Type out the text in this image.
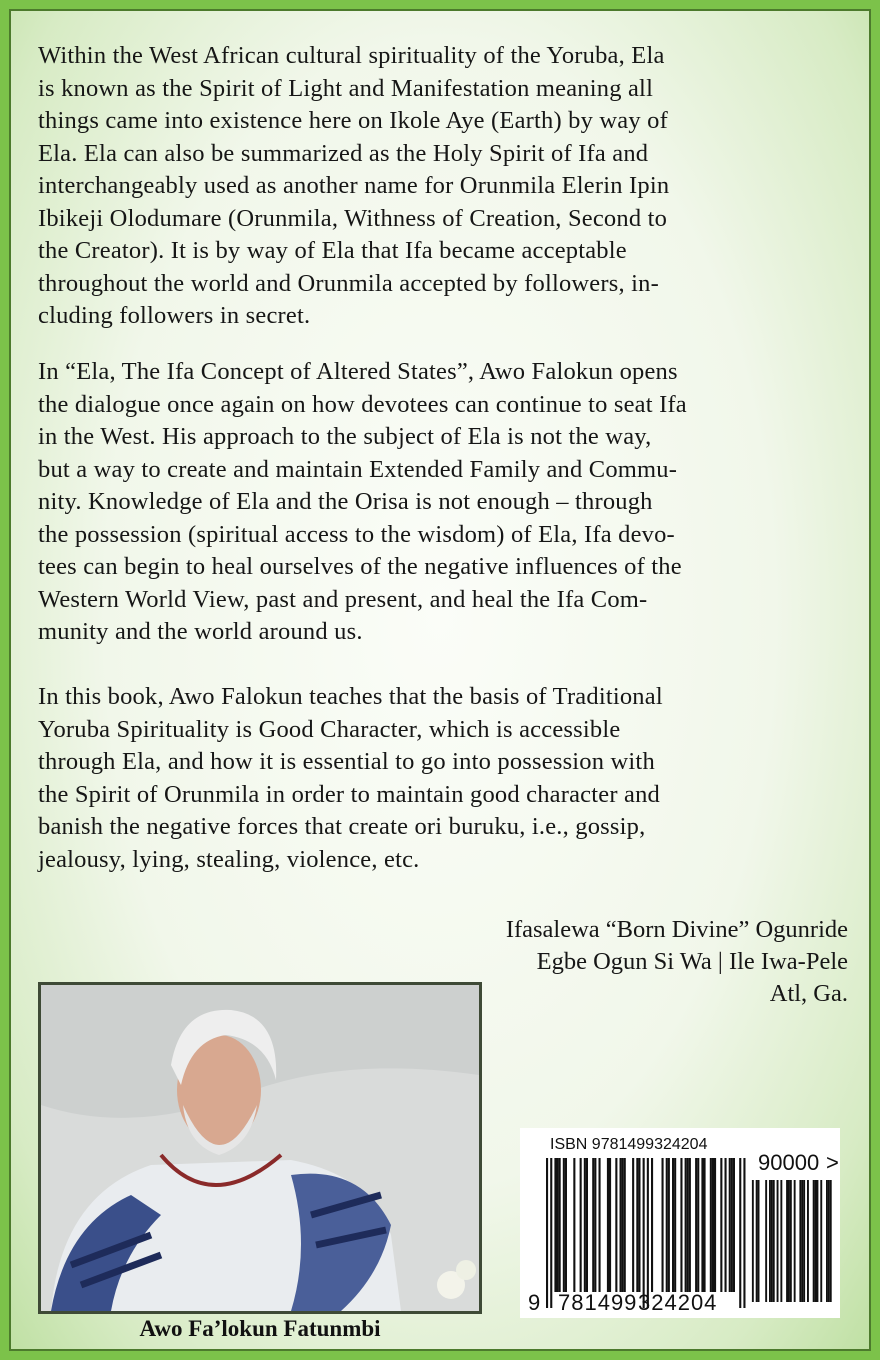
Within the West African cultural spirituality of the Yoruba, Ela
is known as the Spirit of Light and Manifestation meaning all
things came into existence here on Ikole Aye (Earth) by way of
Ela. Ela can also be summarized as the Holy Spirit of Ifa and
interchangeably used as another name for Orunmila Elerin Ipin
Ibikeji Olodumare (Orunmila, Withness of Creation, Second to
the Creator). It is by way of Ela that Ifa became acceptable
throughout the world and Orunmila accepted by followers, in-
cluding followers in secret.
In “Ela, The Ifa Concept of Altered States”, Awo Falokun opens
the dialogue once again on how devotees can continue to seat Ifa
in the West. His approach to the subject of Ela is not the way,
but a way to create and maintain Extended Family and Commu-
nity. Knowledge of Ela and the Orisa is not enough – through
the possession (spiritual access to the wisdom) of Ela, Ifa devo-
tees can begin to heal ourselves of the negative influences of the
Western World View, past and present, and heal the Ifa Com-
munity and the world around us.
In this book, Awo Falokun teaches that the basis of Traditional
Yoruba Spirituality is Good Character, which is accessible
through Ela, and how it is essential to go into possession with
the Spirit of Orunmila in order to maintain good character and
banish the negative forces that create ori buruku, i.e., gossip,
jealousy, lying, stealing, violence, etc.
Ifasalewa “Born Divine” Ogunride
Egbe Ogun Si Wa | Ile Iwa-Pele
Atl, Ga.
Awo Fa’lokun Fatunmbi
ISBN 9781499324204
9 781499 324204
90000 >
